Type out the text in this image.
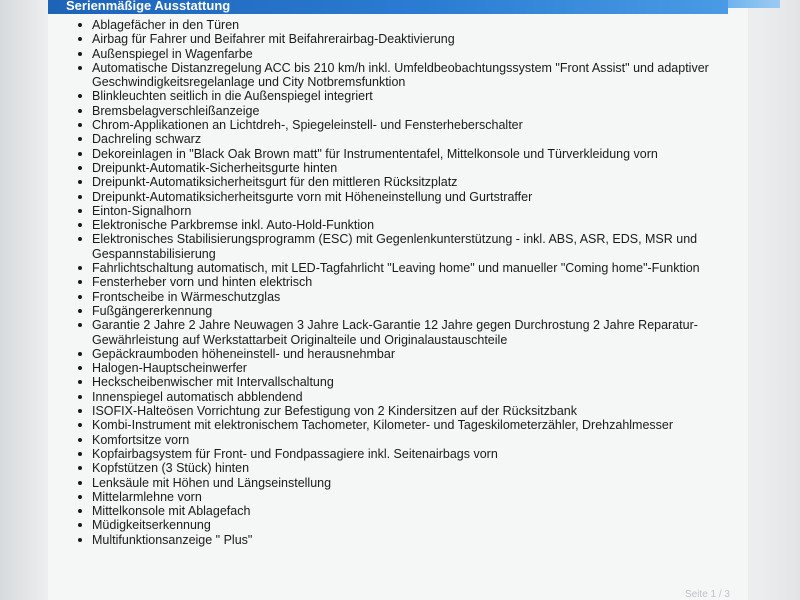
Serienmäßige Ausstattung
Ablagefächer in den Türen
Airbag für Fahrer und Beifahrer mit Beifahrerairbag-Deaktivierung
Außenspiegel in Wagenfarbe
Automatische Distanzregelung ACC bis 210 km/h inkl. Umfeldbeobachtungssystem "Front Assist" und adaptiver
Geschwindigkeitsregelanlage und City Notbremsfunktion
Blinkleuchten seitlich in die Außenspiegel integriert
Bremsbelagverschleißanzeige
Chrom-Applikationen an Lichtdreh-, Spiegeleinstell- und Fensterheberschalter
Dachreling schwarz
Dekoreinlagen in "Black Oak Brown matt" für Instrumententafel, Mittelkonsole und Türverkleidung vorn
Dreipunkt-Automatik-Sicherheitsgurte hinten
Dreipunkt-Automatiksicherheitsgurt für den mittleren Rücksitzplatz
Dreipunkt-Automatiksicherheitsgurte vorn mit Höheneinstellung und Gurtstraffer
Einton-Signalhorn
Elektronische Parkbremse inkl. Auto-Hold-Funktion
Elektronisches Stabilisierungsprogramm (ESC) mit Gegenlenkunterstützung - inkl. ABS, ASR, EDS, MSR und
Gespannstabilisierung
Fahrlichtschaltung automatisch, mit LED-Tagfahrlicht "Leaving home" und manueller "Coming home"-Funktion
Fensterheber vorn und hinten elektrisch
Frontscheibe in Wärmeschutzglas
Fußgängererkennung
Garantie 2 Jahre 2 Jahre Neuwagen 3 Jahre Lack-Garantie 12 Jahre gegen Durchrostung 2 Jahre Reparatur-
Gewährleistung auf Werkstattarbeit Originalteile und Originalaustauschteile
Gepäckraumboden höheneinstell- und herausnehmbar
Halogen-Hauptscheinwerfer
Heckscheibenwischer mit Intervallschaltung
Innenspiegel automatisch abblendend
ISOFIX-Halteösen Vorrichtung zur Befestigung von 2 Kindersitzen auf der Rücksitzbank
Kombi-Instrument mit elektronischem Tachometer, Kilometer- und Tageskilometerzähler, Drehzahlmesser
Komfortsitze vorn
Kopfairbagsystem für Front- und Fondpassagiere inkl. Seitenairbags vorn
Kopfstützen (3 Stück) hinten
Lenksäule mit Höhen und Längseinstellung
Mittelarmlehne vorn
Mittelkonsole mit Ablagefach
Müdigkeitserkennung
Multifunktionsanzeige " Plus"
Seite 1 / 3
